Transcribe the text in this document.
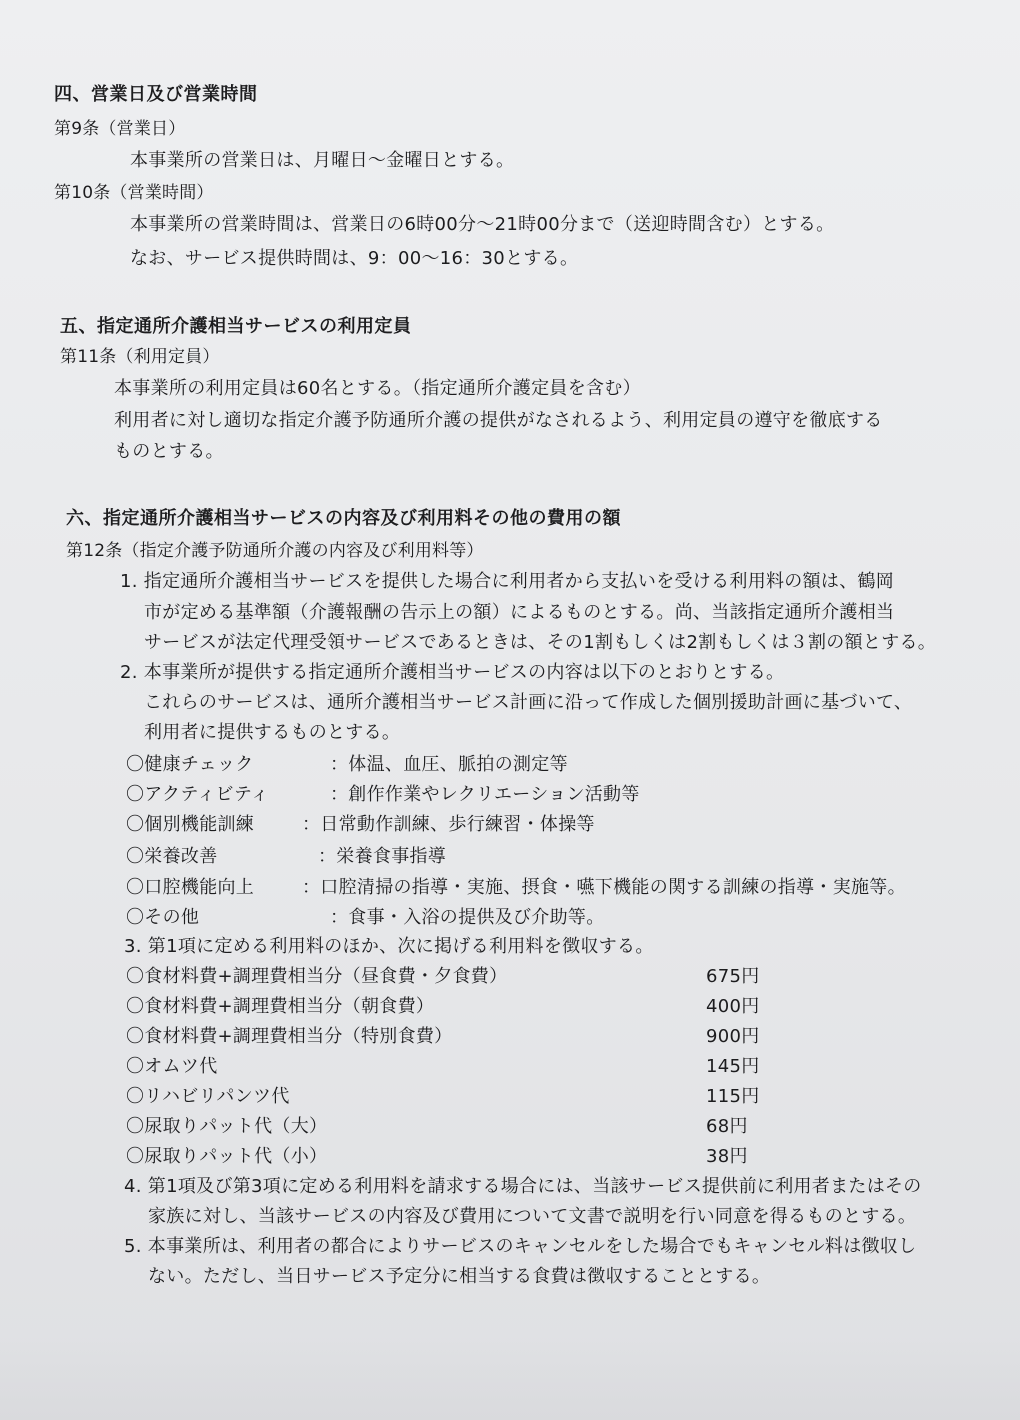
四、営業日及び営業時間
第9条（営業日）
本事業所の営業日は、月曜日～金曜日とする。
第10条（営業時間）
本事業所の営業時間は、営業日の6時00分～21時00分まで（送迎時間含む）とする。
なお、サービス提供時間は、9：00～16：30とする。
五、指定通所介護相当サービスの利用定員
第11条（利用定員）
本事業所の利用定員は60名とする。（指定通所介護定員を含む）
利用者に対し適切な指定介護予防通所介護の提供がなされるよう、利用定員の遵守を徹底する
ものとする。
六、指定通所介護相当サービスの内容及び利用料その他の費用の額
第12条（指定介護予防通所介護の内容及び利用料等）
1. 指定通所介護相当サービスを提供した場合に利用者から支払いを受ける利用料の額は、鶴岡
市が定める基準額（介護報酬の告示上の額）によるものとする。尚、当該指定通所介護相当
サービスが法定代理受領サービスであるときは、その1割もしくは2割もしくは３割の額とする。
2. 本事業所が提供する指定通所介護相当サービスの内容は以下のとおりとする。
これらのサービスは、通所介護相当サービス計画に沿って作成した個別援助計画に基づいて、
利用者に提供するものとする。
〇健康チェック	：体温、血圧、脈拍の測定等
〇アクティビティ	：創作作業やレクリエーション活動等
〇個別機能訓練	：日常動作訓練、歩行練習・体操等
〇栄養改善	：栄養食事指導
〇口腔機能向上	：口腔清掃の指導・実施、摂食・嚥下機能の関する訓練の指導・実施等。
〇その他	：食事・入浴の提供及び介助等。
3. 第1項に定める利用料のほか、次に掲げる利用料を徴収する。
〇食材料費+調理費相当分（昼食費・夕食費）	675円
〇食材料費+調理費相当分（朝食費）	400円
〇食材料費+調理費相当分（特別食費）	900円
〇オムツ代	145円
〇リハビリパンツ代	115円
〇尿取りパット代（大）	68円
〇尿取りパット代（小）	38円
4. 第1項及び第3項に定める利用料を請求する場合には、当該サービス提供前に利用者またはその
家族に対し、当該サービスの内容及び費用について文書で説明を行い同意を得るものとする。
5. 本事業所は、利用者の都合によりサービスのキャンセルをした場合でもキャンセル料は徴収し
ない。ただし、当日サービス予定分に相当する食費は徴収することとする。
